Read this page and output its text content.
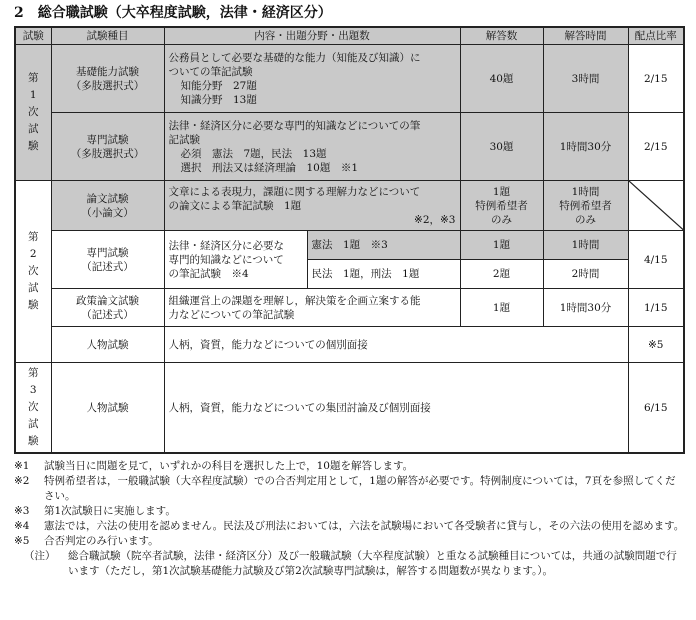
2　総合職試験（大卒程度試験，法律・経済区分）
試験	試験種目	内容・出題分野・出題数		解答数	解答時間	配点比率

第
1
次
試
験	基礎能力試験
（多肢選択式）	公務員として必要な基礎的な能力（知能及び知識）に
ついての筆記試験
知能分野　27題
知識分野　13題		40題	3時間	2/15

	専門試験
（多肢選択式）	法律・経済区分に必要な専門的知識などについての筆
記試験
必須　憲法　7題，民法　13題
選択　刑法又は経済理論　10題　※1		30題	1時間30分	2/15

第
2
次
試
験	論文試験
（小論文）	文章による表現力，課題に関する理解力などについて
の論文による筆記試験　1題
※2，※3		1題
特例希望者
のみ	1時間
特例希望者
のみ

	専門試験
（記述式）	法律・経済区分に必要な
専門的知識などについて
の筆記試験　※4	憲法　1題　※3	1題	1時間	4/15
			民法　1題，刑法　1題	2題	2時間	

	政策論文試験
（記述式）	組織運営上の課題を理解し，解決策を企画立案する能
力などについての筆記試験		1題	1時間30分	1/15
	人物試験	人柄，資質，能力などについての個別面接				※5

第
3
次
試
験	人物試験	人柄，資質，能力などについての集団討論及び個別面接				6/15
※1	試験当日に問題を見て，いずれかの科目を選択した上で，10題を解答します。
※2	特例希望者は，一般職試験（大卒程度試験）での合否判定用として，1題の解答が必要です。特例制度については，7頁を参照してください。
※3	第1次試験日に実施します。
※4	憲法では，六法の使用を認めません。民法及び刑法においては，六法を試験場において各受験者に貸与し，その六法の使用を認めます。
※5	合否判定のみ行います。
（注）	総合職試験（院卒者試験，法律・経済区分）及び一般職試験（大卒程度試験）と重なる試験種目については，共通の試験問題で行います（ただし，第1次試験基礎能力試験及び第2次試験専門試験は，解答する問題数が異なります。）。
